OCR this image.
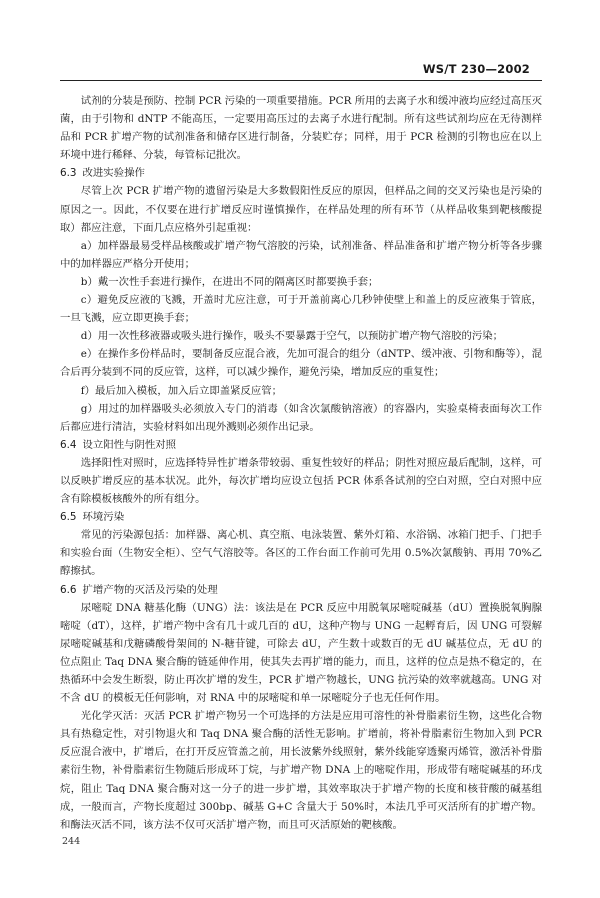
WS/T 230—2002

试剂的分装是预防、控制 PCR 污染的一项重要措施。PCR 所用的去离子水和缓冲液均应经过高压灭菌，由于引物和 dNTP 不能高压，一定要用高压过的去离子水进行配制。所有这些试剂均应在无待测样品和 PCR 扩增产物的试剂准备和储存区进行制备，分装贮存；同样，用于 PCR 检测的引物也应在以上环境中进行稀释、分装，每管标记批次。

6.3 改进实验操作

尽管上次 PCR 扩增产物的遗留污染是大多数假阳性反应的原因，但样品之间的交叉污染也是污染的原因之一。因此，不仅要在进行扩增反应时谨慎操作，在样品处理的所有环节（从样品收集到靶核酸提取）都应注意，下面几点应格外引起重视：

a）加样器最易受样品核酸或扩增产物气溶胶的污染，试剂准备、样品准备和扩增产物分析等各步骤中的加样器应严格分开使用；

b）戴一次性手套进行操作，在进出不同的隔离区时都要换手套；

c）避免反应液的飞溅，开盖时尤应注意，可于开盖前离心几秒钟使壁上和盖上的反应液集于管底，一旦飞溅，应立即更换手套；

d）用一次性移液器或吸头进行操作，吸头不要暴露于空气，以预防扩增产物气溶胶的污染；

e）在操作多份样品时，要制备反应混合液，先加可混合的组分（dNTP、缓冲液、引物和酶等），混合后再分装到不同的反应管，这样，可以减少操作，避免污染，增加反应的重复性；

f）最后加入模板，加入后立即盖紧反应管；

g）用过的加样器吸头必须放入专门的消毒（如含次氯酸钠溶液）的容器内，实验桌椅表面每次工作后都应进行清洁，实验材料如出现外溅则必须作出记录。

6.4 设立阳性与阴性对照

选择阳性对照时，应选择特异性扩增条带较弱、重复性较好的样品；阴性对照应最后配制，这样，可以反映扩增反应的基本状况。此外，每次扩增均应设立包括 PCR 体系各试剂的空白对照，空白对照中应含有除模板核酸外的所有组分。

6.5 环境污染

常见的污染源包括：加样器、离心机、真空瓶、电泳装置、紫外灯箱、水浴锅、冰箱门把手、门把手和实验台面（生物安全柜）、空气气溶胶等。各区的工作台面工作前可先用 0.5%次氯酸钠、再用 70%乙醇擦拭。

6.6 扩增产物的灭活及污染的处理

尿嘧啶 DNA 糖基化酶（UNG）法：该法是在 PCR 反应中用脱氧尿嘧啶碱基（dU）置换脱氧胸腺嘧啶（dT），这样，扩增产物中含有几十或几百的 dU，这种产物与 UNG 一起孵育后，因 UNG 可裂解尿嘧啶碱基和戊糖磷酸骨架间的 N-糖苷键，可除去 dU，产生数十或数百的无 dU 碱基位点，无 dU 的位点阻止 Taq DNA 聚合酶的链延伸作用，使其失去再扩增的能力，而且，这样的位点是热不稳定的，在热循环中会发生断裂，防止再次扩增的发生，PCR 扩增产物越长，UNG 抗污染的效率就越高。UNG 对不含 dU 的模板无任何影响，对 RNA 中的尿嘧啶和单一尿嘧啶分子也无任何作用。

光化学灭活：灭活 PCR 扩增产物另一个可选择的方法是应用可溶性的补骨脂素衍生物，这些化合物具有热稳定性，对引物退火和 Taq DNA 聚合酶的活性无影响。扩增前，将补骨脂素衍生物加入到 PCR 反应混合液中，扩增后，在打开反应管盖之前，用长波紫外线照射，紫外线能穿透聚丙烯管，激活补骨脂素衍生物，补骨脂素衍生物随后形成环丁烷，与扩增产物 DNA 上的嘧啶作用，形成带有嘧啶碱基的环戊烷，阻止 Taq DNA 聚合酶对这一分子的进一步扩增，其效率取决于扩增产物的长度和核苷酸的碱基组成，一般而言，产物长度超过 300bp、碱基 G+C 含量大于 50%时，本法几乎可灭活所有的扩增产物。和酶法灭活不同，该方法不仅可灭活扩增产物，而且可灭活原始的靶核酸。

244
